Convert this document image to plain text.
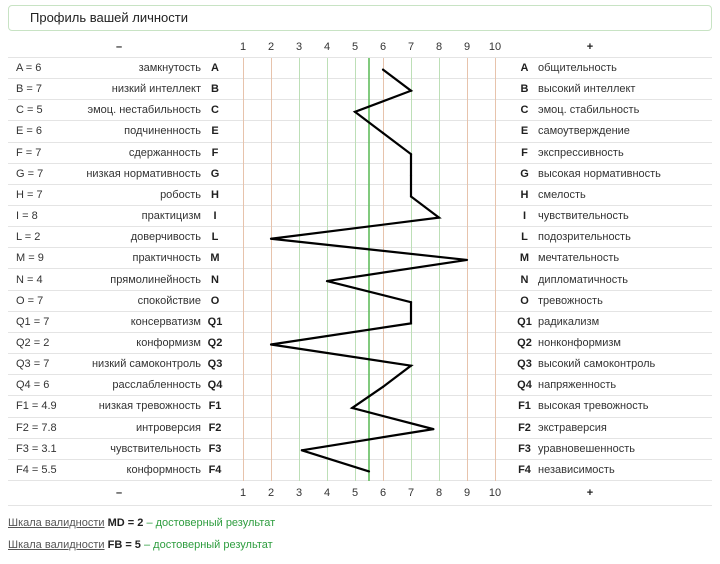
Профиль вашей личности
–	+
1	2	3	4	5	6	7	8	9	10
A = 6	замкнутость A	A общительность
B = 7	низкий интеллект B	B высокий интеллект
C = 5	эмоц. нестабильность C	C эмоц. стабильность
E = 6	подчиненность E	E самоутверждение
F = 7	сдержанность F	F экспрессивность
G = 7	низкая нормативность G	G высокая нормативность
H = 7	робость H	H смелость
I = 8	практицизм	I	I	чувствительность
L = 2	доверчивость L	L подозрительность
M = 9	практичность M	M мечтательность
N = 4	прямолинейность N	N дипломатичность
O = 7	спокойствие O	O тревожность
Q1 = 7	консерватизм Q1	Q1 радикализм
Q2 = 2	конформизм Q2	Q2 нонконформизм
Q3 = 7	низкий самоконтроль Q3	Q3 высокий самоконтроль
Q4 = 6	расслабленность Q4	Q4 напряженность
F1 = 4.9	низкая тревожность F1	F1 высокая тревожность
F2 = 7.8	интроверсия F2	F2 экстраверсия
F3 = 3.1	чувствительность F3	F3 уравновешенность
F4 = 5.5	конформность F4	F4 независимость
–	+
1	2	3	4	5	6	7	8	9	10
Шкала валидности MD = 2 – достоверный результат
Шкала валидности FB = 5 – достоверный результат
